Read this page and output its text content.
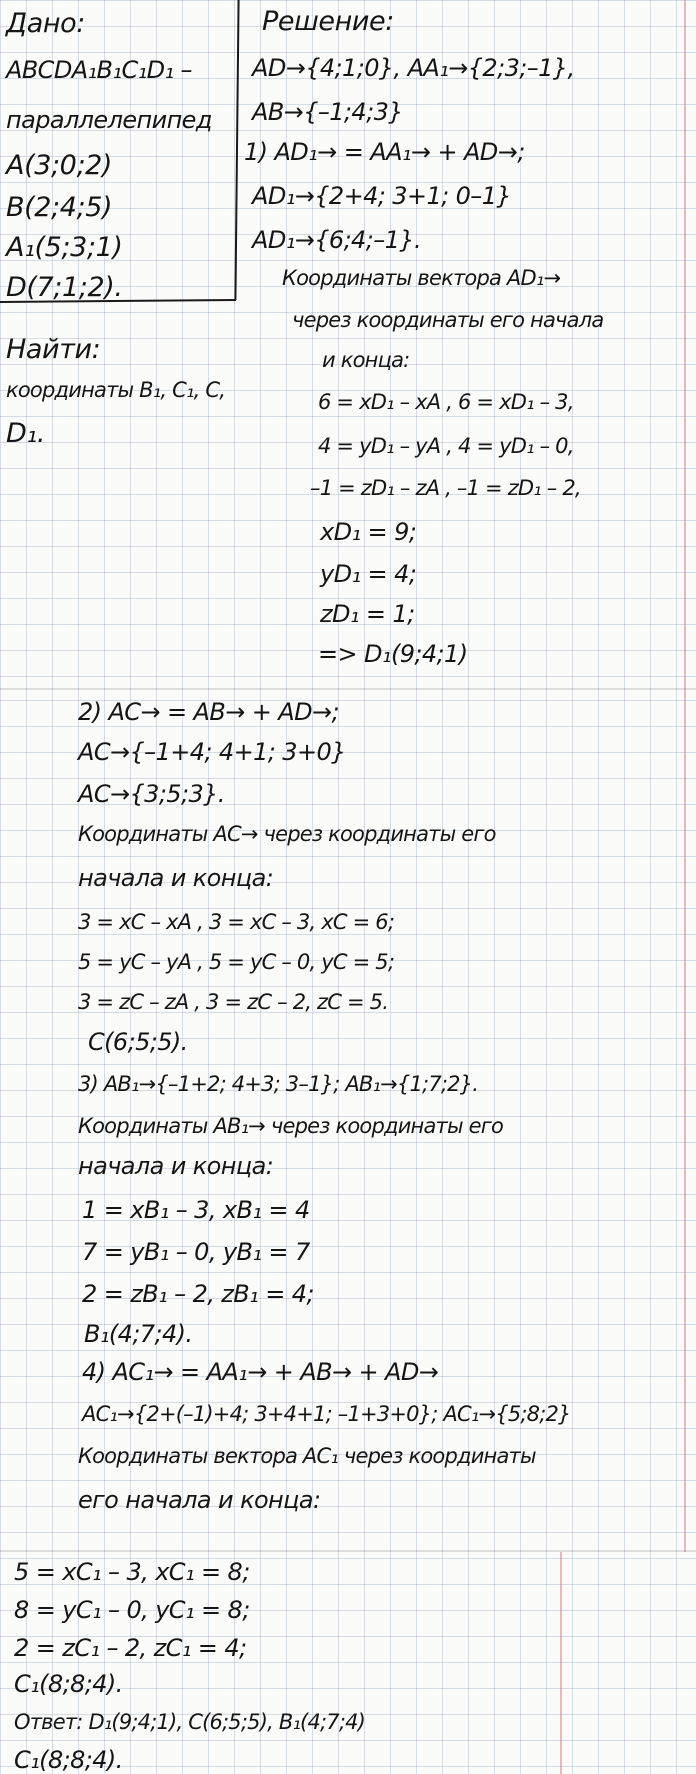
Дано:

ABCDA₁B₁C₁D₁ –

параллелепипед

A(3;0;2)

B(2;4;5)

A₁(5;3;1)

D(7;1;2).

Найти:

координаты B₁, C₁, C,

D₁.

Решение:

AD→{4;1;0}, AA₁→{2;3;–1},

AB→{–1;4;3}

1) AD₁→ = AA₁→ + AD→;

AD₁→{2+4; 3+1; 0–1}

AD₁→{6;4;–1}.

Координаты вектора AD₁→

через координаты его начала

и конца:

6 = xD₁ – xA , 6 = xD₁ – 3,

4 = yD₁ – yA , 4 = yD₁ – 0,

–1 = zD₁ – zA , –1 = zD₁ – 2,

xD₁ = 9;

yD₁ = 4;

zD₁ = 1;

=> D₁(9;4;1)

2) AC→ = AB→ + AD→;

AC→{–1+4; 4+1; 3+0}

AC→{3;5;3}.

Координаты AC→ через координаты его

начала и конца:

3 = xC – xA , 3 = xC – 3, xC = 6;

5 = yC – yA , 5 = yC – 0, yC = 5;

3 = zC – zA , 3 = zC – 2, zC = 5.

C(6;5;5).

3) AB₁→{–1+2; 4+3; 3–1}; AB₁→{1;7;2}.

Координаты AB₁→ через координаты его

начала и конца:

1 = xB₁ – 3, xB₁ = 4

7 = yB₁ – 0, yB₁ = 7

2 = zB₁ – 2, zB₁ = 4;

B₁(4;7;4).

4) AC₁→ = AA₁→ + AB→ + AD→

AC₁→{2+(–1)+4; 3+4+1; –1+3+0}; AC₁→{5;8;2}

Координаты вектора AC₁ через координаты

его начала и конца:

5 = xC₁ – 3, xC₁ = 8;

8 = yC₁ – 0, yC₁ = 8;

2 = zC₁ – 2, zC₁ = 4;

C₁(8;8;4).

Ответ: D₁(9;4;1), C(6;5;5), B₁(4;7;4)

C₁(8;8;4).
